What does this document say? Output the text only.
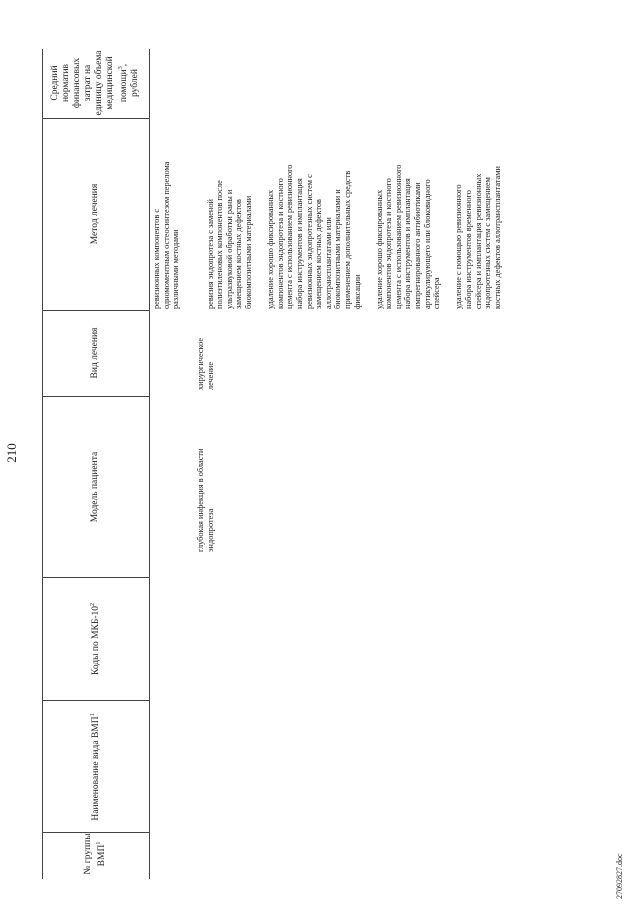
210
№ группы ВМП$^1$
Наименование вида ВМП$^1$
Коды по МКБ-$10^2$
Модель пациента
Вид лечения
Метод лечения
Средний норматив финансовых затрат на единицу объема медицинской помощи$^3$, рублей
ревизионных компонентов с
одномоментным остеосинтезом перелома
различными методами
глубокая инфекция в области
эндопротеза
хирургическое
лечение

ревизия эндопротеза с заменой
полиэтиленовых компонентов после
ультразвуковой обработки раны и
замещением костных дефектов
биокомпозитными материалами

удаление хорошо фиксированных
компонентов эндопротеза и костного
цемента с использованием ревизионного
набора инструментов и имплантация
ревизионных эндопротезных систем с
замещением костных дефектов
аллотрансплантатами или
биокомпозитными материалами и
применением дополнительных средств
фиксации удаление хорошо фиксированных
компонентов эндопротеза и костного
цемента с использованием ревизионного
набора инструментов и имплантация
импрегнированного антибиотиками
артикулирующего или блоковидного
спейсера удаление с помощью ревизионного
набора инструментов временного
спейсера и имплантация ревизионных
эндопротезных систем с замещением
костных дефектов аллотрансплантатами

27092827.doc
